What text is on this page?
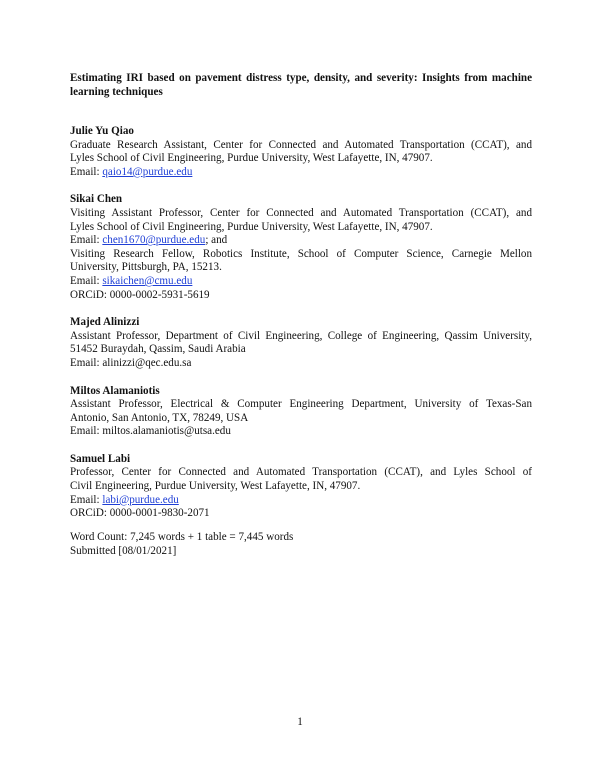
Estimating IRI based on pavement distress type, density, and severity: Insights from machine learning techniques
Julie Yu Qiao
Graduate Research Assistant, Center for Connected and Automated Transportation (CCAT), and
Lyles School of Civil Engineering, Purdue University, West Lafayette, IN, 47907.
Email: qaio14@purdue.edu
Sikai Chen
Visiting Assistant Professor, Center for Connected and Automated Transportation (CCAT), and
Lyles School of Civil Engineering, Purdue University, West Lafayette, IN, 47907.
Email: chen1670@purdue.edu; and
Visiting Research Fellow, Robotics Institute, School of Computer Science, Carnegie Mellon
University, Pittsburgh, PA, 15213.
Email: sikaichen@cmu.edu
ORCiD: 0000-0002-5931-5619
Majed Alinizzi
Assistant Professor, Department of Civil Engineering, College of Engineering, Qassim University,
51452 Buraydah, Qassim, Saudi Arabia
Email: alinizzi@qec.edu.sa
Miltos Alamaniotis
Assistant Professor, Electrical & Computer Engineering Department, University of Texas-San
Antonio, San Antonio, TX, 78249, USA
Email: miltos.alamaniotis@utsa.edu
Samuel Labi
Professor, Center for Connected and Automated Transportation (CCAT), and Lyles School of
Civil Engineering, Purdue University, West Lafayette, IN, 47907.
Email: labi@purdue.edu
ORCiD: 0000-0001-9830-2071
Word Count: 7,245 words + 1 table = 7,445 words
Submitted [08/01/2021]
1
